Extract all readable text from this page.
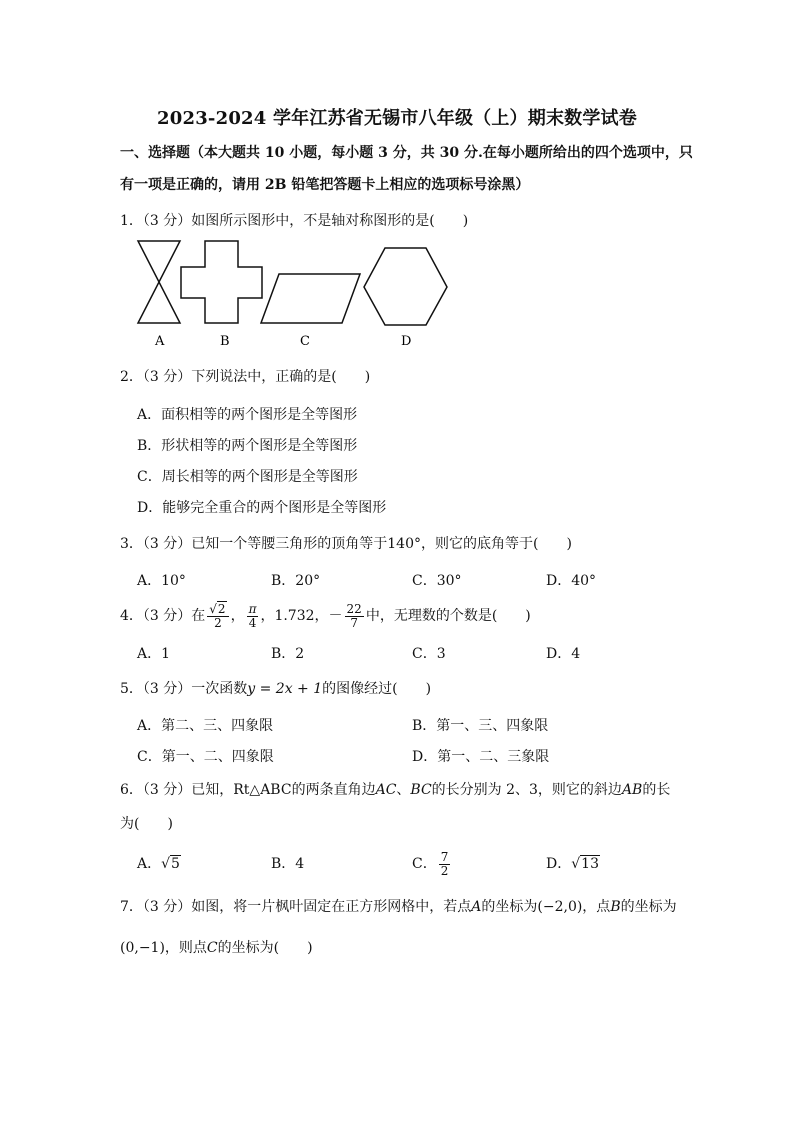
2023-2024 学年江苏省无锡市八年级（上）期末数学试卷
一、选择题（本大题共 10 小题，每小题 3 分，共 30 分.在每小题所给出的四个选项中，只
有一项是正确的，请用 2B 铅笔把答题卡上相应的选项标号涂黑）
1．（3 分）如图所示图形中，不是轴对称图形的是(　　)
A	B	C	D
2．（3 分）下列说法中，正确的是(　　)
A．面积相等的两个图形是全等图形
B．形状相等的两个图形是全等图形
C．周长相等的两个图形是全等图形
D．能够完全重合的两个图形是全等图形
3．（3 分）已知一个等腰三角形的顶角等于140°，则它的底角等于(　　)
A．10°	B．20°	C．30°	D．40°
4．（3 分）在 $\frac{√2}{2}$ ， $\frac{\pi}{4}$ ，1.732，－ $\frac{22}{7}$ 中，无理数的个数是(　　)
A．1	B．2	C．3	D．4
5．（3 分）一次函数y = 2x + 1的图像经过(　　)
A．第二、三、四象限	B．第一、三、四象限
C．第一、二、四象限	D．第一、二、三象限
6．（3 分）已知，Rt△ABC的两条直角边AC、BC的长分别为 2、3，则它的斜边AB的长
为(　　)
A．√5	B．4	C． $\frac{7}{2}$	D．√13
7．（3 分）如图，将一片枫叶固定在正方形网格中，若点A的坐标为(−2,0)，点B的坐标为
(0,−1)，则点C的坐标为(　　)
